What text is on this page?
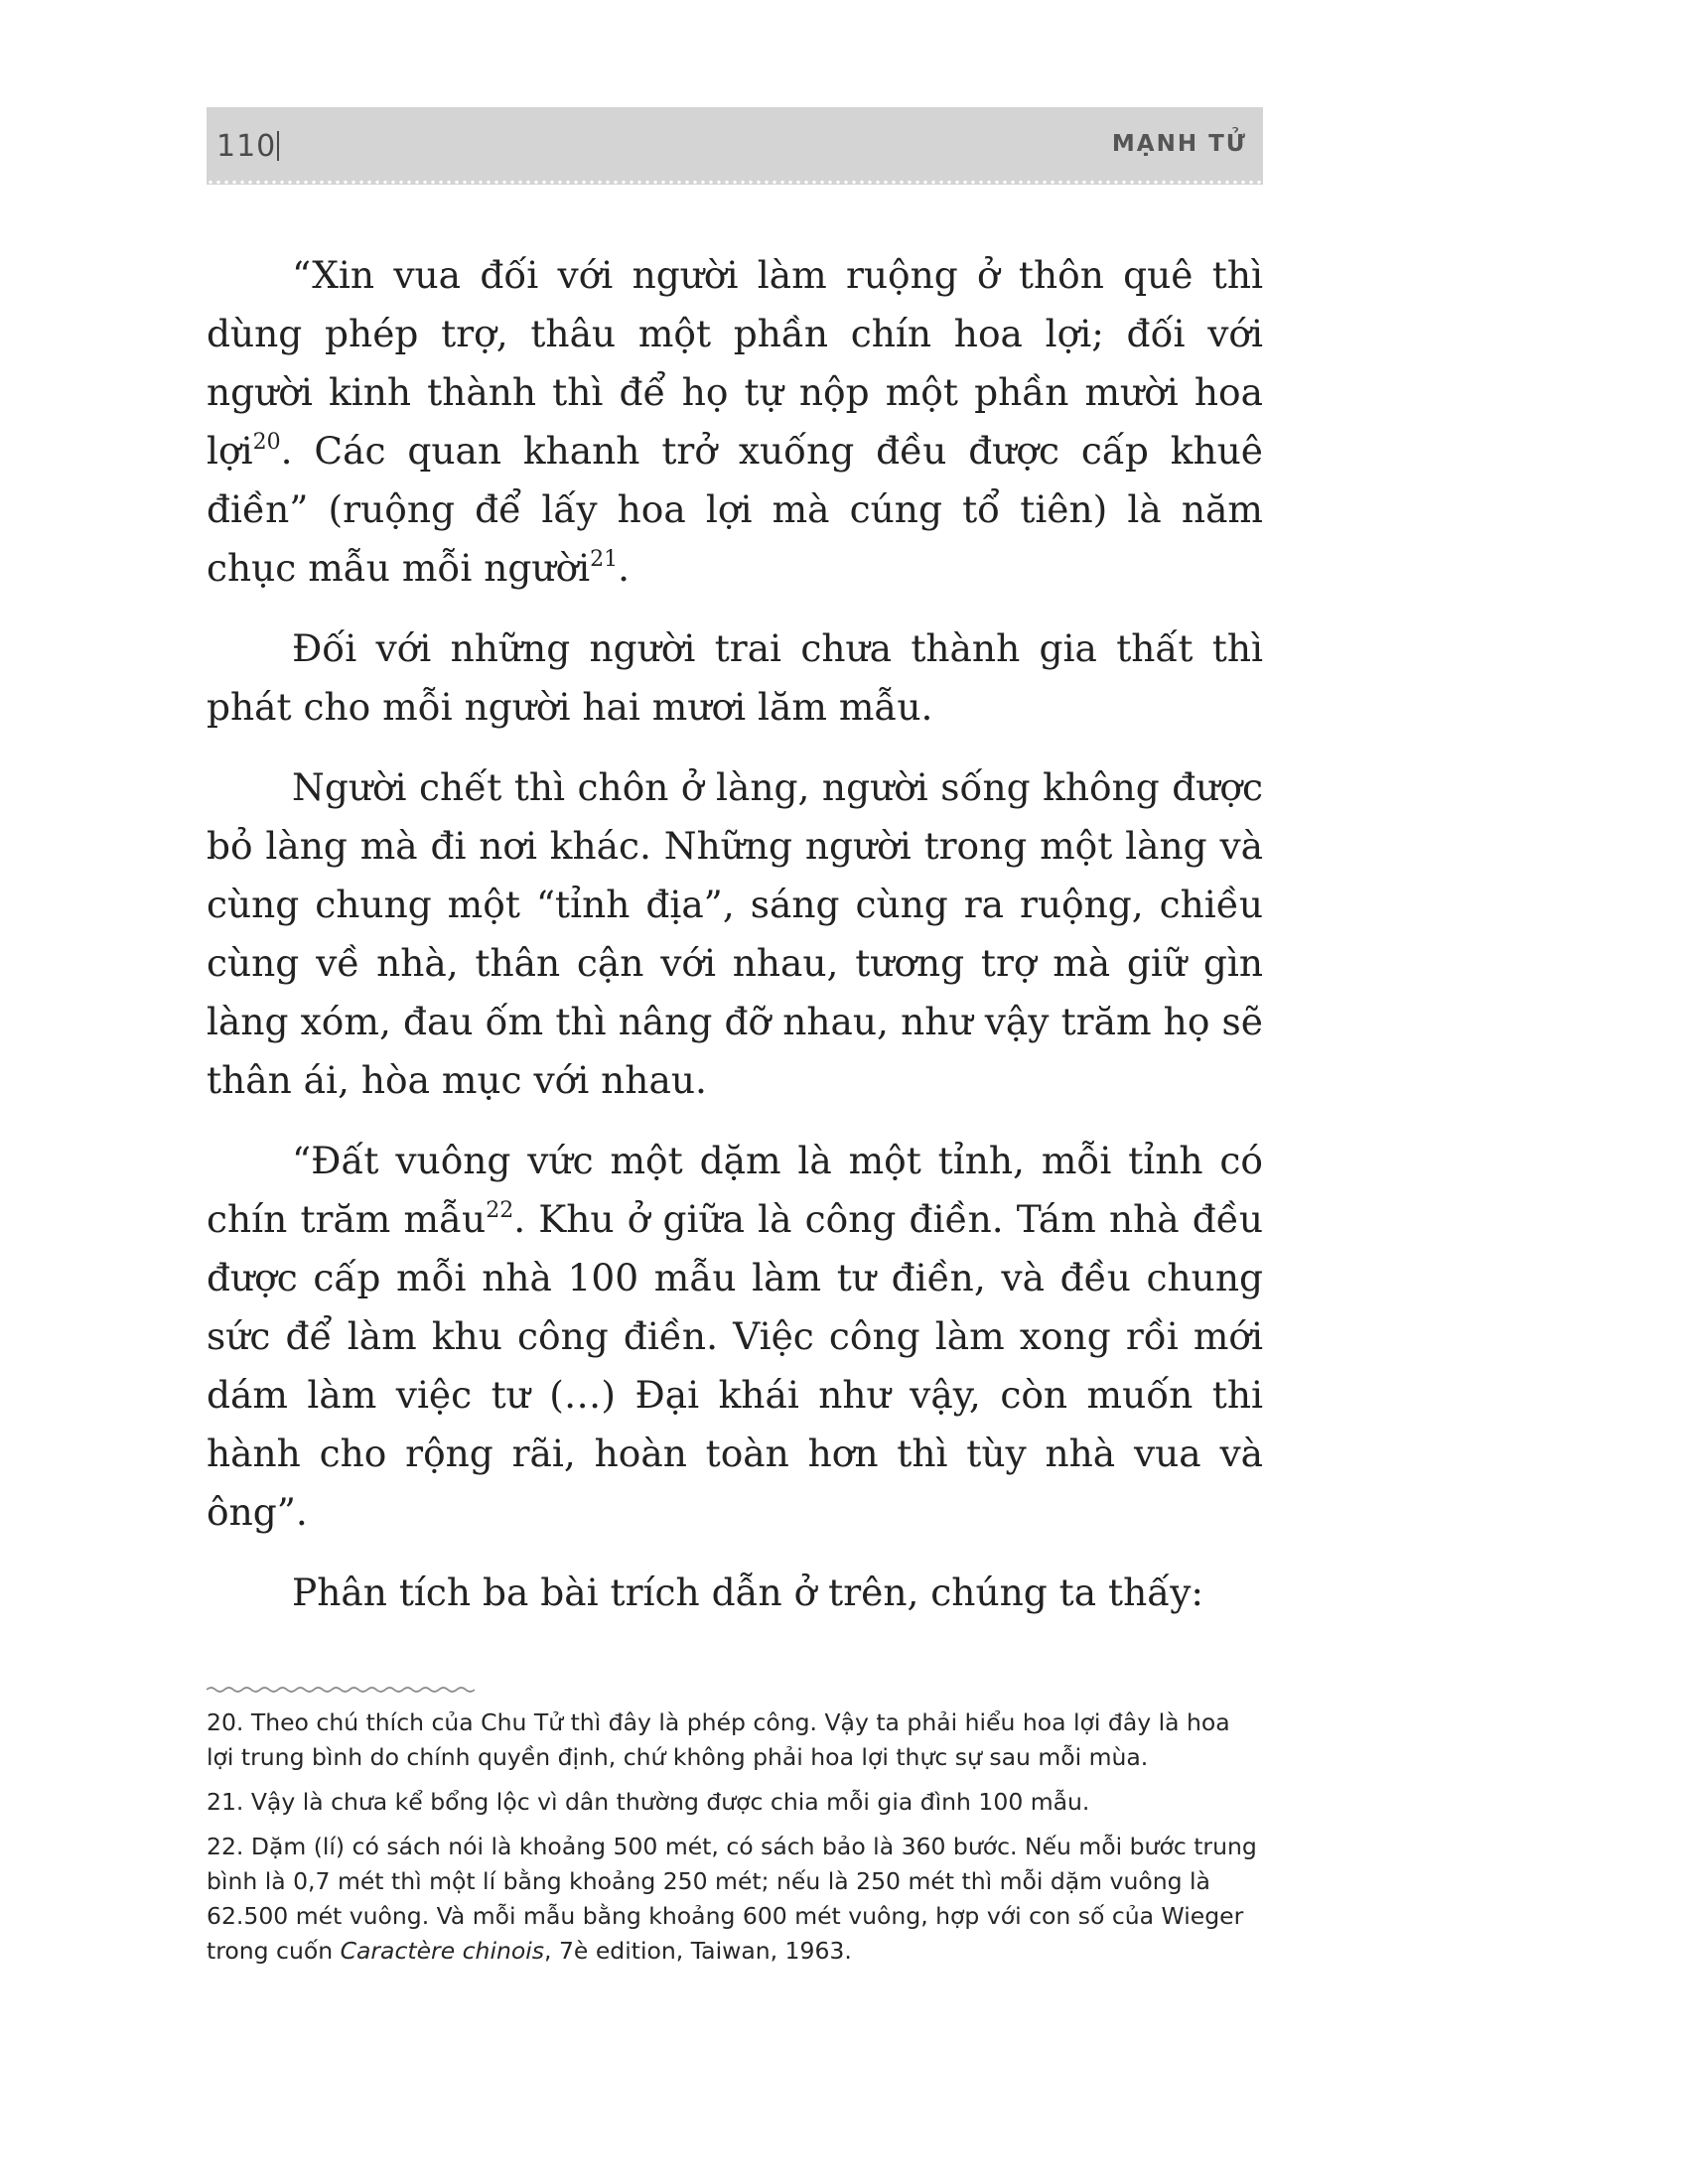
110	MẠNH TỬ

“Xin vua đối với người làm ruộng ở thôn quê thì dùng phép trợ, thâu một phần chín hoa lợi; đối với người kinh thành thì để họ tự nộp một phần mười hoa lợi$^{20}$. Các quan khanh trở xuống đều được cấp khuê điền” (ruộng để lấy hoa lợi mà cúng tổ tiên) là năm chục mẫu mỗi người$^{21}$.

Đối với những người trai chưa thành gia thất thì phát cho mỗi người hai mươi lăm mẫu.

Người chết thì chôn ở làng, người sống không được bỏ làng mà đi nơi khác. Những người trong một làng và cùng chung một “tỉnh địa”, sáng cùng ra ruộng, chiều cùng về nhà, thân cận với nhau, tương trợ mà giữ gìn làng xóm, đau ốm thì nâng đỡ nhau, như vậy trăm họ sẽ thân ái, hòa mục với nhau.

“Đất vuông vức một dặm là một tỉnh, mỗi tỉnh có chín trăm mẫu$^{22}$. Khu ở giữa là công điền. Tám nhà đều được cấp mỗi nhà 100 mẫu làm tư điền, và đều chung sức để làm khu công điền. Việc công làm xong rồi mới dám làm việc tư (…) Đại khái như vậy, còn muốn thi hành cho rộng rãi, hoàn toàn hơn thì tùy nhà vua và ông”.

Phân tích ba bài trích dẫn ở trên, chúng ta thấy:

20. Theo chú thích của Chu Tử thì đây là phép công. Vậy ta phải hiểu hoa lợi đây là hoa lợi trung bình do chính quyền định, chứ không phải hoa lợi thực sự sau mỗi mùa.

21. Vậy là chưa kể bổng lộc vì dân thường được chia mỗi gia đình 100 mẫu.

22. Dặm (lí) có sách nói là khoảng 500 mét, có sách bảo là 360 bước. Nếu mỗi bước trung bình là 0,7 mét thì một lí bằng khoảng 250 mét; nếu là 250 mét thì mỗi dặm vuông là 62.500 mét vuông. Và mỗi mẫu bằng khoảng 600 mét vuông, hợp với con số của Wieger trong cuốn Caractère chinois, 7è edition, Taiwan, 1963.
